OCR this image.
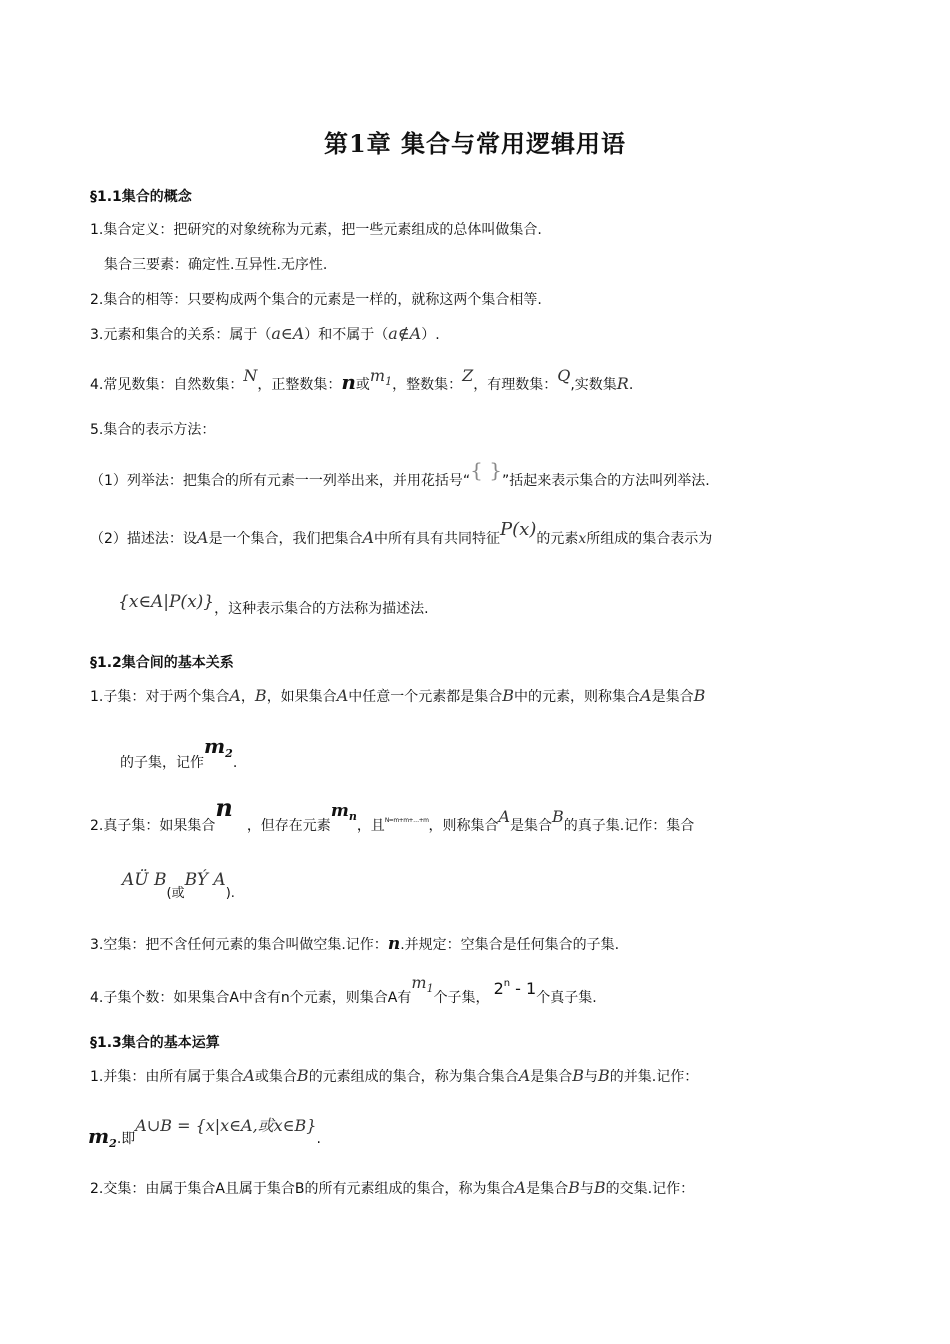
第1章 集合与常用逻辑用语
§1.1集合的概念
1.集合定义：把研究的对象统称为元素，把一些元素组成的总体叫做集合.
集合三要素：确定性.互异性.无序性.
2.集合的相等：只要构成两个集合的元素是一样的，就称这两个集合相等.
3.元素和集合的关系：属于（a∈A）和不属于（a∉A）.
4.常见数集：自然数集：N，正整数集：n或$m_1$，整数集：Z，有理数集：Q,实数集R.
5.集合的表示方法：
（1）列举法：把集合的所有元素一一列举出来，并用花括号“{ }”括起来表示集合的方法叫列举法.
（2）描述法：设A是一个集合，我们把集合A中所有具有共同特征P(x)的元素x所组成的集合表示为
{x∈A|P(x)}，这种表示集合的方法称为描述法.
§1.2集合间的基本关系
1.子集：对于两个集合A，B，如果集合A中任意一个元素都是集合B中的元素，则称集合A是集合B
的子集，记作$m_2$.
2.真子集：如果集合n，但存在元素$m_n$，且$^{N=m+m+\dots+m}$，则称集合A是集合B的真子集.记作：集合
AÜ B(或BÝ A).
3.空集：把不含任何元素的集合叫做空集.记作：n.并规定：空集合是任何集合的子集.
4.子集个数：如果集合A中含有n个元素，则集合A有$m_1$个子集， 2$^n$ - 1个真子集.
§1.3集合的基本运算
1.并集：由所有属于集合A或集合B的元素组成的集合，称为集合集合A是集合B与B的并集.记作：
$m_2$.即A∪B = {x|x∈A,或x∈B}.
2.交集：由属于集合A且属于集合B的所有元素组成的集合，称为集合A是集合B与B的交集.记作：
